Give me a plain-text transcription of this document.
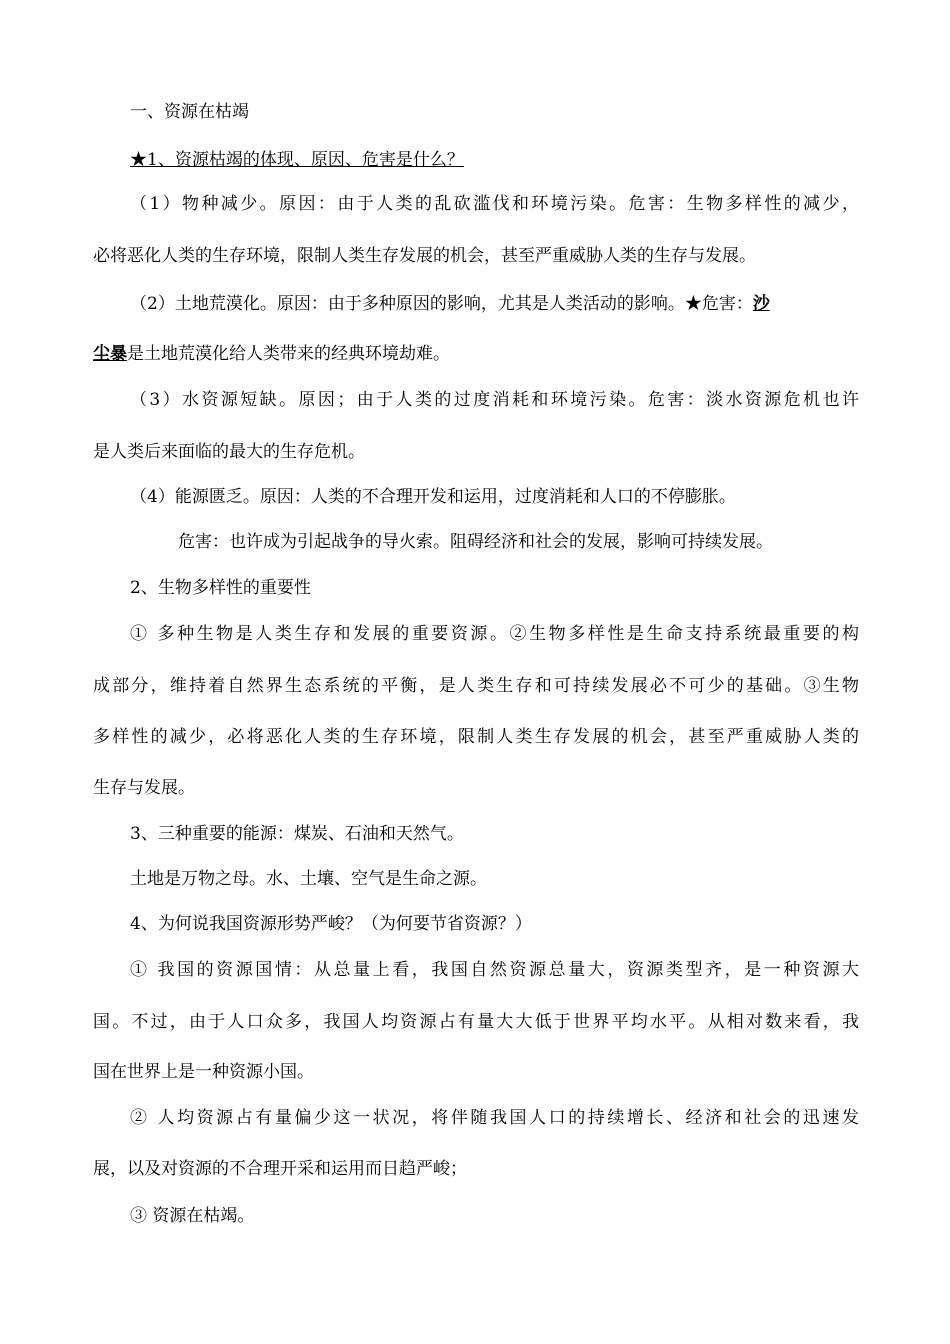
一、资源在枯竭
★1、资源枯竭的体现、原因、危害是什么？
（1）物种减少。原因：由于人类的乱砍滥伐和环境污染。危害：生物多样性的减少，
必将恶化人类的生存环境，限制人类生存发展的机会，甚至严重威胁人类的生存与发展。
（2）土地荒漠化。原因：由于多种原因的影响，尤其是人类活动的影响。★危害：沙
尘暴是土地荒漠化给人类带来的经典环境劫难。
（3）水资源短缺。原因；由于人类的过度消耗和环境污染。危害：淡水资源危机也许
是人类后来面临的最大的生存危机。
（4）能源匮乏。原因：人类的不合理开发和运用，过度消耗和人口的不停膨胀。
危害：也许成为引起战争的导火索。阻碍经济和社会的发展，影响可持续发展。
2、生物多样性的重要性
① 多种生物是人类生存和发展的重要资源。②生物多样性是生命支持系统最重要的构
成部分，维持着自然界生态系统的平衡，是人类生存和可持续发展必不可少的基础。③生物
多样性的减少，必将恶化人类的生存环境，限制人类生存发展的机会，甚至严重威胁人类的
生存与发展。
3、三种重要的能源：煤炭、石油和天然气。
土地是万物之母。水、土壤、空气是生命之源。
4、为何说我国资源形势严峻？（为何要节省资源？）
① 我国的资源国情：从总量上看，我国自然资源总量大，资源类型齐，是一种资源大
国。不过，由于人口众多，我国人均资源占有量大大低于世界平均水平。从相对数来看，我
国在世界上是一种资源小国。
② 人均资源占有量偏少这一状况，将伴随我国人口的持续增长、经济和社会的迅速发
展，以及对资源的不合理开采和运用而日趋严峻；
③ 资源在枯竭。
